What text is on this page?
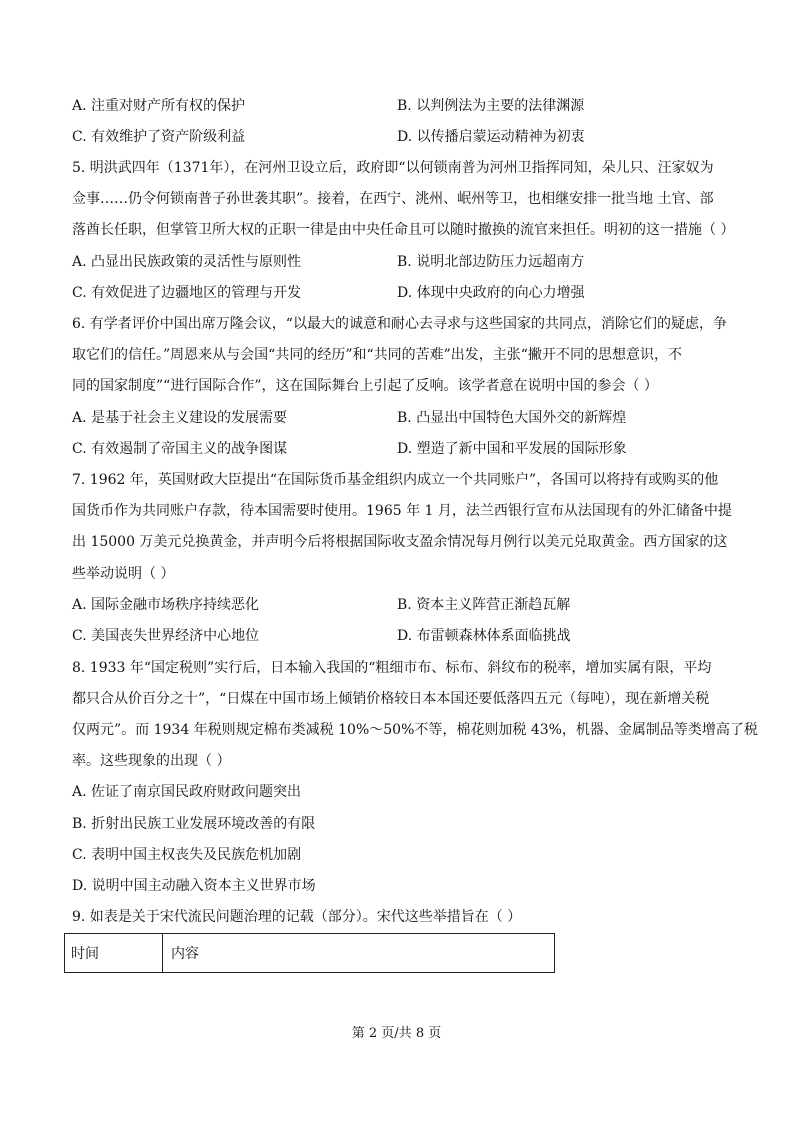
A. 注重对财产所有权的保护	B. 以判例法为主要的法律渊源
C. 有效维护了资产阶级利益	D. 以传播启蒙运动精神为初衷
5. 明洪武四年（1371年），在河州卫设立后，政府即“以何锁南普为河州卫指挥同知，朵儿只、汪家奴为
佥事……仍令何锁南普子孙世袭其职”。接着，在西宁、洮州、岷州等卫，也相继安排一批当地 土官、部
落酋长任职，但掌管卫所大权的正职一律是由中央任命且可以随时撤换的流官来担任。明初的这一措施（ ）
A. 凸显出民族政策的灵活性与原则性	B. 说明北部边防压力远超南方
C. 有效促进了边疆地区的管理与开发	D. 体现中央政府的向心力增强
6. 有学者评价中国出席万隆会议，“以最大的诚意和耐心去寻求与这些国家的共同点，消除它们的疑虑，争
取它们的信任。”周恩来从与会国“共同的经历”和“共同的苦难”出发，主张“撇开不同的思想意识，不
同的国家制度”“进行国际合作”，这在国际舞台上引起了反响。该学者意在说明中国的参会（ ）
A. 是基于社会主义建设的发展需要	B. 凸显出中国特色大国外交的新辉煌
C. 有效遏制了帝国主义的战争图谋	D. 塑造了新中国和平发展的国际形象
7. 1962 年，英国财政大臣提出“在国际货币基金组织内成立一个共同账户”，各国可以将持有或购买的他
国货币作为共同账户存款，待本国需要时使用。1965 年 1 月，法兰西银行宣布从法国现有的外汇储备中提
出 15000 万美元兑换黄金，并声明今后将根据国际收支盈余情况每月例行以美元兑取黄金。西方国家的这
些举动说明（ ）
A. 国际金融市场秩序持续恶化	B. 资本主义阵营正渐趋瓦解
C. 美国丧失世界经济中心地位	D. 布雷顿森林体系面临挑战
8. 1933 年“国定税则”实行后，日本输入我国的“粗细市布、标布、斜纹布的税率，增加实属有限，平均
都只合从价百分之十”，“日煤在中国市场上倾销价格较日本本国还要低落四五元（每吨），现在新增关税
仅两元”。而 1934 年税则规定棉布类减税 10%～50%不等，棉花则加税 43%，机器、金属制品等类增高了税
率。这些现象的出现（ ）
A. 佐证了南京国民政府财政问题突出
B. 折射出民族工业发展环境改善的有限
C. 表明中国主权丧失及民族危机加剧
D. 说明中国主动融入资本主义世界市场
9. 如表是关于宋代流民问题治理的记载（部分）。宋代这些举措旨在（ ）
时间	内容
第 2 页/共 8 页
